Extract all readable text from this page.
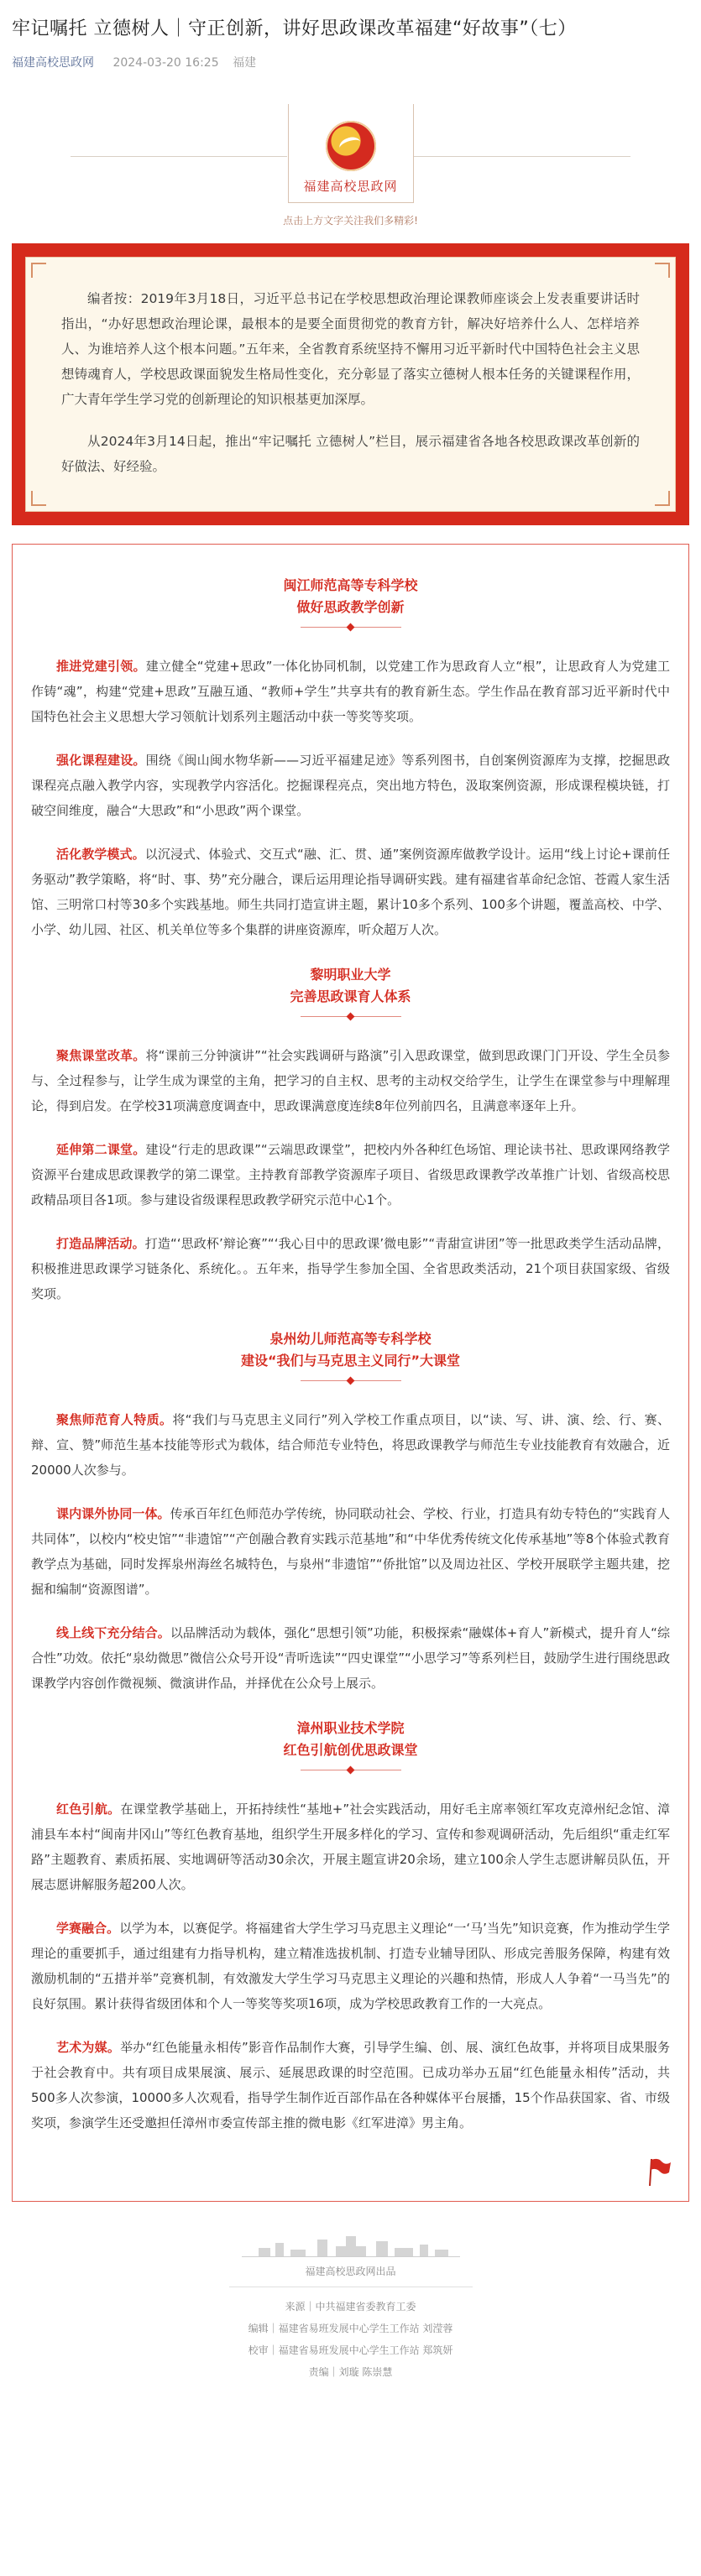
牢记嘱托 立德树人｜守正创新，讲好思政课改革福建“好故事”（七）
福建高校思政网 2024-03-20 16:25 福建
福建高校思政网
点击上方文字关注我们多精彩!

编者按：2019年3月18日，习近平总书记在学校思想政治理论课教师座谈会上发表重要讲话时指出，“办好思想政治理论课，最根本的是要全面贯彻党的教育方针，解决好培养什么人、怎样培养人、为谁培养人这个根本问题。”五年来，全省教育系统坚持不懈用习近平新时代中国特色社会主义思想铸魂育人，学校思政课面貌发生格局性变化，充分彰显了落实立德树人根本任务的关键课程作用，广大青年学生学习党的创新理论的知识根基更加深厚。

从2024年3月14日起，推出“牢记嘱托 立德树人”栏目，展示福建省各地各校思政课改革创新的好做法、好经验。

闽江师范高等专科学校
做好思政教学创新

推进党建引领。建立健全“党建+思政”一体化协同机制，以党建工作为思政育人立“根”，让思政育人为党建工作铸“魂”，构建“党建+思政”互融互通、“教师+学生”共享共有的教育新生态。学生作品在教育部习近平新时代中国特色社会主义思想大学习领航计划系列主题活动中获一等奖等奖项。

强化课程建设。围绕《闽山闽水物华新——习近平福建足迹》等系列图书，自创案例资源库为支撑，挖掘思政课程亮点融入教学内容，实现教学内容活化。挖掘课程亮点，突出地方特色，汲取案例资源，形成课程模块链，打破空间维度，融合“大思政”和“小思政”两个课堂。

活化教学模式。以沉浸式、体验式、交互式“融、汇、贯、通”案例资源库做教学设计。运用“线上讨论+课前任务驱动”教学策略，将“时、事、势”充分融合，课后运用理论指导调研实践。建有福建省革命纪念馆、苍霞人家生活馆、三明常口村等30多个实践基地。师生共同打造宣讲主题，累计10多个系列、100多个讲题，覆盖高校、中学、小学、幼儿园、社区、机关单位等多个集群的讲座资源库，听众超万人次。

黎明职业大学
完善思政课育人体系

聚焦课堂改革。将“课前三分钟演讲”“社会实践调研与路演”引入思政课堂，做到思政课门门开设、学生全员参与、全过程参与，让学生成为课堂的主角，把学习的自主权、思考的主动权交给学生，让学生在课堂参与中理解理论，得到启发。在学校31项满意度调查中，思政课满意度连续8年位列前四名，且满意率逐年上升。

延伸第二课堂。建设“行走的思政课”“云端思政课堂”，把校内外各种红色场馆、理论读书社、思政课网络教学资源平台建成思政课教学的第二课堂。主持教育部教学资源库子项目、省级思政课教学改革推广计划、省级高校思政精品项目各1项。参与建设省级课程思政教学研究示范中心1个。

打造品牌活动。打造“‘思政杯’辩论赛”“‘我心目中的思政课’微电影”“青甜宣讲团”等一批思政类学生活动品牌，积极推进思政课学习链条化、系统化。。五年来，指导学生参加全国、全省思政类活动，21个项目获国家级、省级奖项。

泉州幼儿师范高等专科学校
建设“我们与马克思主义同行”大课堂

聚焦师范育人特质。将“我们与马克思主义同行”列入学校工作重点项目，以“读、写、讲、演、绘、行、赛、辩、宣、赞”师范生基本技能等形式为载体，结合师范专业特色，将思政课教学与师范生专业技能教育有效融合，近20000人次参与。

课内课外协同一体。传承百年红色师范办学传统，协同联动社会、学校、行业，打造具有幼专特色的“实践育人共同体”，以校内“校史馆”“非遗馆”“产创融合教育实践示范基地”和“中华优秀传统文化传承基地”等8个体验式教育教学点为基础，同时发挥泉州海丝名城特色，与泉州“非遗馆”“侨批馆”以及周边社区、学校开展联学主题共建，挖掘和编制“资源图谱”。

线上线下充分结合。以品牌活动为载体，强化“思想引领”功能，积极探索“融媒体+育人”新模式，提升育人“综合性”功效。依托“泉幼微思”微信公众号开设“青听选读”“四史课堂”“小思学习”等系列栏目，鼓励学生进行围绕思政课教学内容创作微视频、微演讲作品，并择优在公众号上展示。

漳州职业技术学院
红色引航创优思政课堂

红色引航。在课堂教学基础上，开拓持续性“基地+”社会实践活动，用好毛主席率领红军攻克漳州纪念馆、漳浦县车本村“闽南井冈山”等红色教育基地，组织学生开展多样化的学习、宣传和参观调研活动，先后组织“重走红军路”主题教育、素质拓展、实地调研等活动30余次，开展主题宣讲20余场，建立100余人学生志愿讲解员队伍，开展志愿讲解服务超200人次。

学赛融合。以学为本，以赛促学。将福建省大学生学习马克思主义理论“一‘马’当先”知识竞赛，作为推动学生学理论的重要抓手，通过组建有力指导机构，建立精准选拔机制、打造专业辅导团队、形成完善服务保障，构建有效激励机制的“五措并举”竞赛机制，有效激发大学生学习马克思主义理论的兴趣和热情，形成人人争着“一马当先”的良好氛围。累计获得省级团体和个人一等奖等奖项16项，成为学校思政教育工作的一大亮点。

艺术为媒。举办“红色能量永相传”影音作品制作大赛，引导学生编、创、展、演红色故事，并将项目成果服务于社会教育中。共有项目成果展演、展示、延展思政课的时空范围。已成功举办五届“红色能量永相传”活动，共500多人次参演，10000多人次观看，指导学生制作近百部作品在各种媒体平台展播，15个作品获国家、省、市级奖项，参演学生还受邀担任漳州市委宣传部主推的微电影《红军进漳》男主角。

福建高校思政网出品
来源｜中共福建省委教育工委
编辑｜福建省易班发展中心学生工作站 刘滢蓉
校审｜福建省易班发展中心学生工作站 郑筑妍
责编｜刘璇 陈崇慧
